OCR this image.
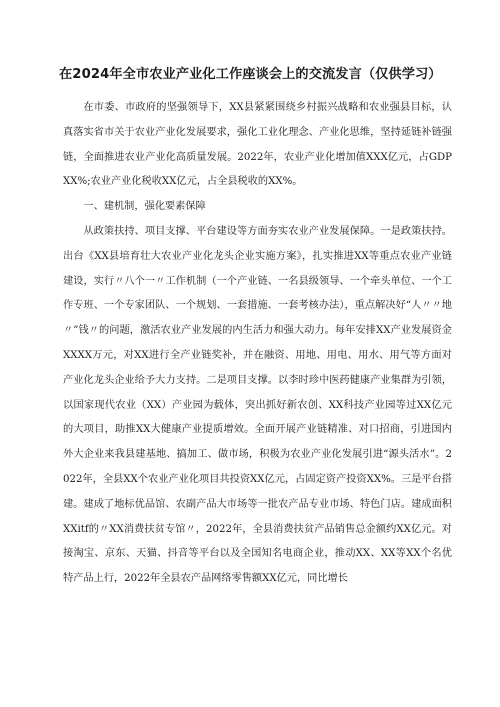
在2024年全市农业产业化工作座谈会上的交流发言（仅供学习）

在市委、市政府的坚强领导下，XX县紧紧围绕乡村振兴战略和农业强县目标，认真落实省市关于农业产业化发展要求，强化工业化理念、产业化思维，坚持延链补链强链，全面推进农业产业化高质量发展。2022年，农业产业化增加值XXX亿元，占GDPXX%;农业产业化税收XX亿元，占全县税收的XX%。

一、建机制，强化要素保障

从政策扶持、项目支撑、平台建设等方面夯实农业产业发展保障。一是政策扶持。出台《XX县培育壮大农业产业化龙头企业实施方案》，扎实推进XX等重点农业产业链建设，实行〃八个一〃工作机制（一个产业链、一名县级领导、一个牵头单位、一个工作专班、一个专家团队、一个规划、一套措施、一套考核办法），重点解决好“人〃〃地〃”钱〃的问题，激活农业产业发展的内生活力和强大动力。每年安排XX产业发展资金XXXX万元，对XX进行全产业链奖补，并在融资、用地、用电、用水、用气等方面对产业化龙头企业给予大力支持。二是项目支撑。以李时珍中医药健康产业集群为引领，以国家现代农业（XX）产业园为载体，突出抓好新农创、XX科技产业园等过XX亿元的大项目，助推XX大健康产业提质增效。全面开展产业链精准、对口招商，引进国内外大企业来我县建基地、搞加工、做市场，积极为农业产业化发展引进“源头活水”。2022年，全县XX个农业产业化项目共投资XX亿元，占固定资产投资XX%。三是平台搭建。建成了地标优品馆、农副产品大市场等一批农产品专业市场、特色门店。建成面积XXitf的〃XX消费扶贫专馆〃，2022年，全县消费扶贫产品销售总金额约XX亿元。对接淘宝、京东、天猫、抖音等平台以及全国知名电商企业，推动XX、XX等XX个名优特产品上行，2022年全县农产品网络零售额XX亿元，同比增长
